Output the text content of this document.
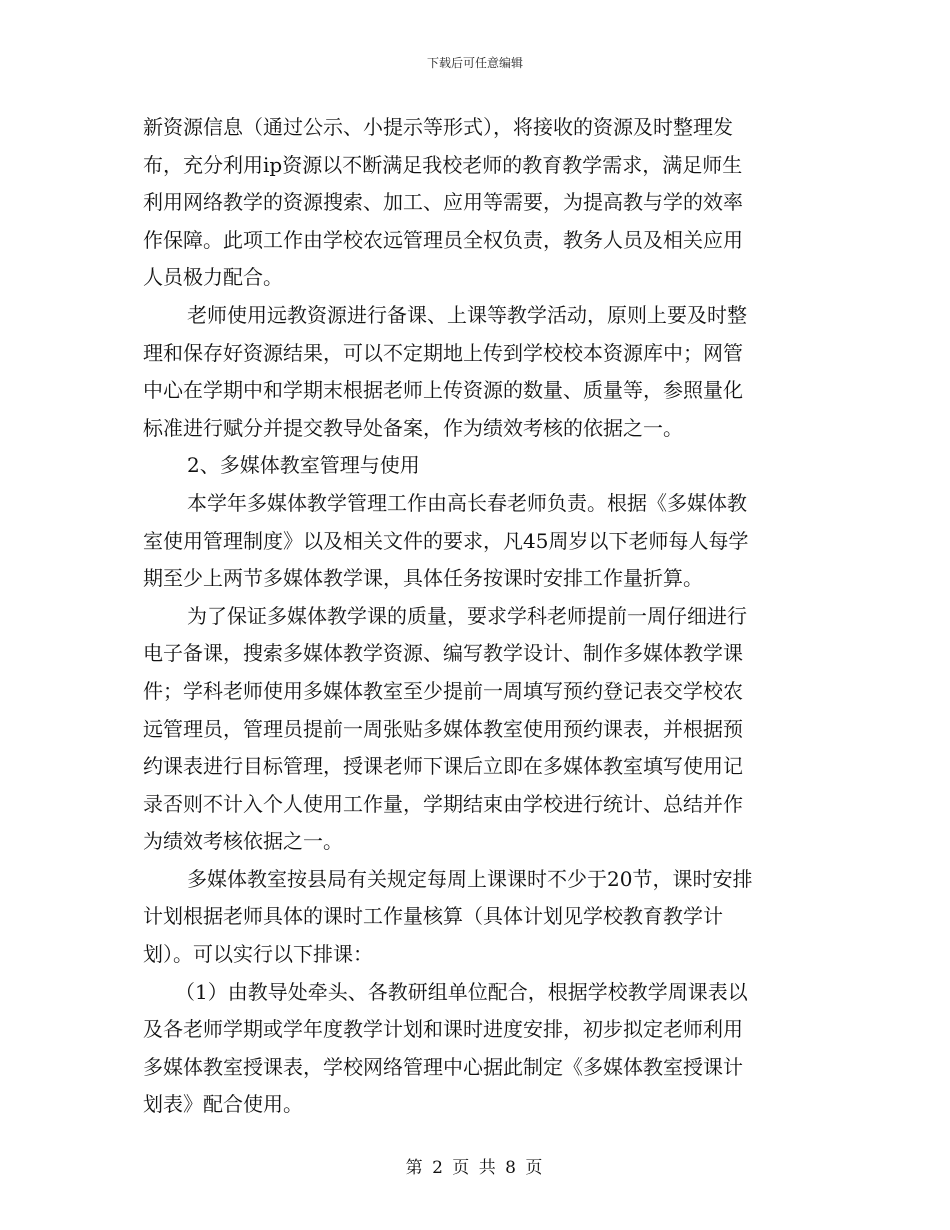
下载后可任意编辑
新资源信息（通过公示、小提示等形式），将接收的资源及时整理发
布，充分利用ip资源以不断满足我校老师的教育教学需求，满足师生
利用网络教学的资源搜索、加工、应用等需要，为提高教与学的效率
作保障。此项工作由学校农远管理员全权负责，教务人员及相关应用
人员极力配合。
老师使用远教资源进行备课、上课等教学活动，原则上要及时整
理和保存好资源结果，可以不定期地上传到学校校本资源库中；网管
中心在学期中和学期末根据老师上传资源的数量、质量等，参照量化
标准进行赋分并提交教导处备案，作为绩效考核的依据之一。
2、多媒体教室管理与使用
本学年多媒体教学管理工作由高长春老师负责。根据《多媒体教
室使用管理制度》以及相关文件的要求，凡45周岁以下老师每人每学
期至少上两节多媒体教学课，具体任务按课时安排工作量折算。
为了保证多媒体教学课的质量，要求学科老师提前一周仔细进行
电子备课，搜索多媒体教学资源、编写教学设计、制作多媒体教学课
件；学科老师使用多媒体教室至少提前一周填写预约登记表交学校农
远管理员，管理员提前一周张贴多媒体教室使用预约课表，并根据预
约课表进行目标管理，授课老师下课后立即在多媒体教室填写使用记
录否则不计入个人使用工作量，学期结束由学校进行统计、总结并作
为绩效考核依据之一。
多媒体教室按县局有关规定每周上课课时不少于20节，课时安排
计划根据老师具体的课时工作量核算（具体计划见学校教育教学计
划）。可以实行以下排课：
（1）由教导处牵头、各教研组单位配合，根据学校教学周课表以
及各老师学期或学年度教学计划和课时进度安排，初步拟定老师利用
多媒体教室授课表，学校网络管理中心据此制定《多媒体教室授课计
划表》配合使用。
第 2 页 共 8 页
